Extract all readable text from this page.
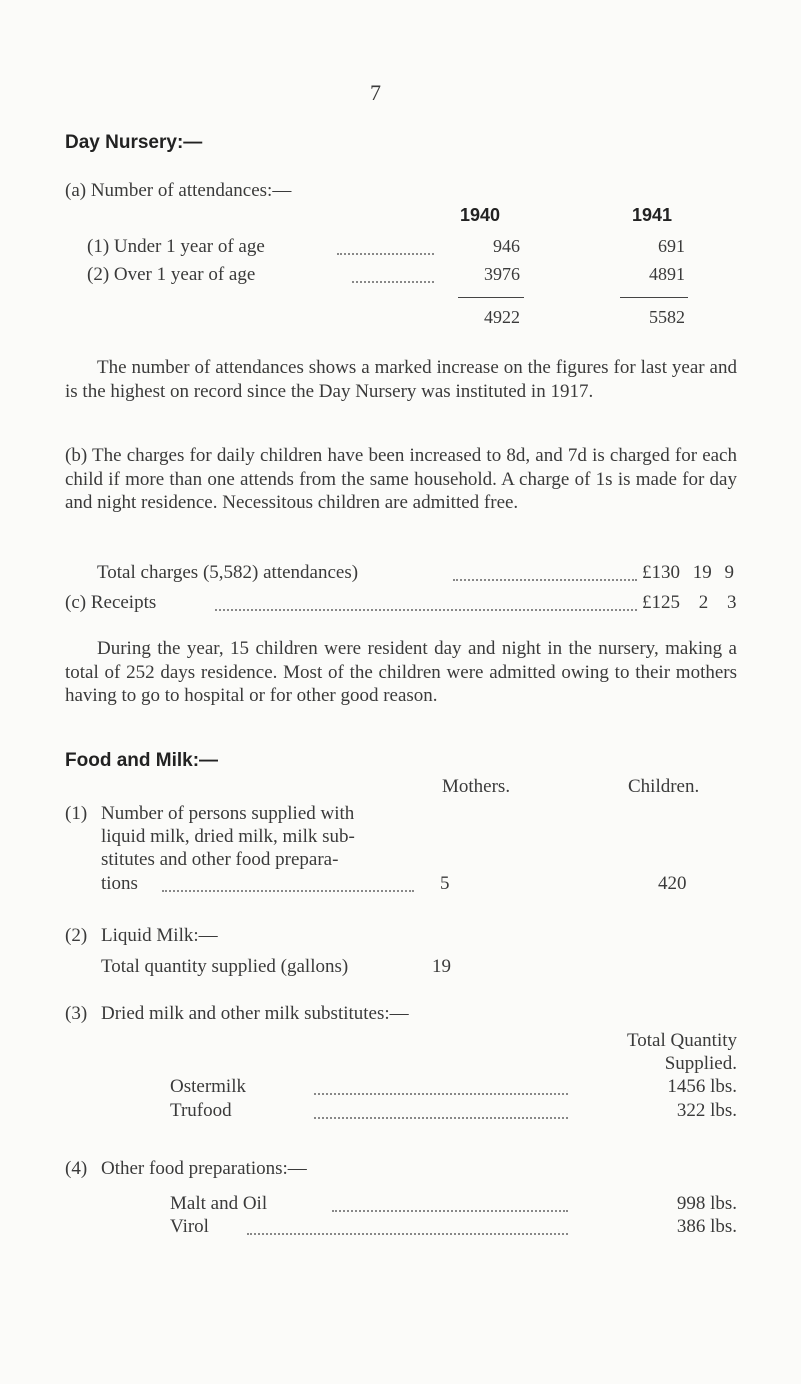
7
Day Nursery:—
(a) Number of attendances:—
1940	1941
(1) Under 1 year of age	946	691
(2) Over 1 year of age	3976	4891
4922	5582
The number of attendances shows a marked increase on the figures for last year and is the highest on record since the Day Nursery was instituted in 1917.
(b) The charges for daily children have been increased to 8d, and 7d is charged for each child if more than one attends from the same household. A charge of 1s is made for day and night residence. Necessitous children are admitted free.
Total charges (5,582) attendances)	£130 19 9
(c) Receipts	£125 2 3
During the year, 15 children were resident day and night in the nursery, making a total of 252 days residence. Most of the children were admitted owing to their mothers having to go to hospital or for other good reason.
Food and Milk:—
Mothers.	Children.
(1) Number of persons supplied with
liquid milk, dried milk, milk sub-
stitutes and other food prepara-
tions	5	420
(2) Liquid Milk:—
Total quantity supplied (gallons)	19
(3) Dried milk and other milk substitutes:—
Total Quantity
Supplied.
Ostermilk	1456 lbs.
Trufood	322 lbs.
(4) Other food preparations:—
Malt and Oil	998 lbs.
Virol	386 lbs.
